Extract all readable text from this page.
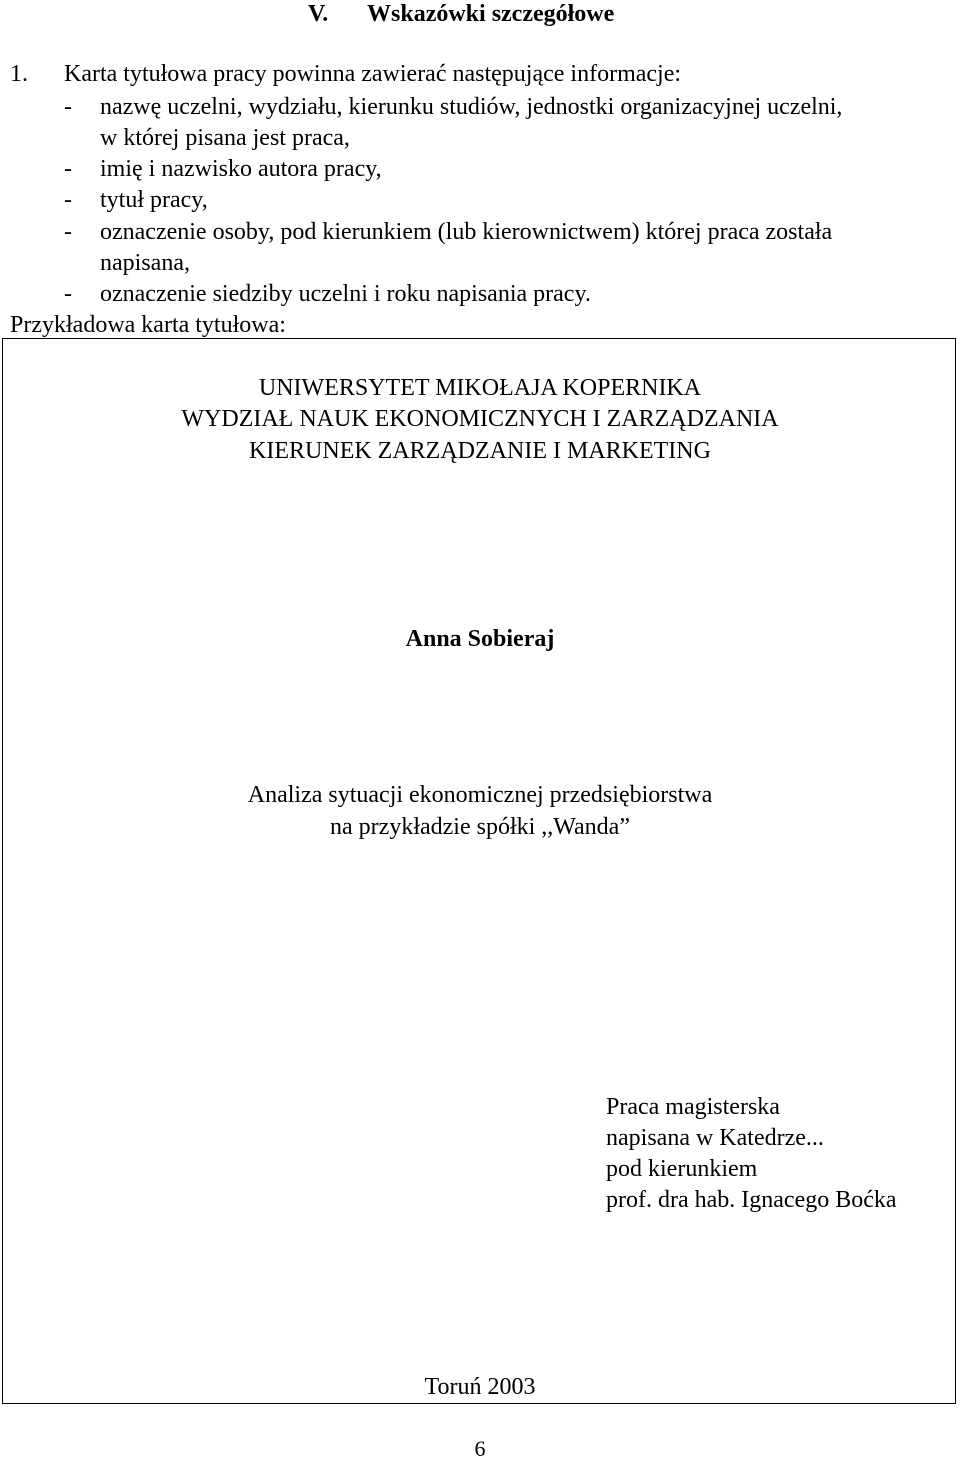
V. Wskazówki szczegółowe
1. Karta tytułowa pracy powinna zawierać następujące informacje:
- nazwę uczelni, wydziału, kierunku studiów, jednostki organizacyjnej uczelni,
w której pisana jest praca,
- imię i nazwisko autora pracy,
- tytuł pracy,
- oznaczenie osoby, pod kierunkiem (lub kierownictwem) której praca została
napisana,
- oznaczenie siedziby uczelni i roku napisania pracy.
Przykładowa karta tytułowa:
UNIWERSYTET MIKOŁAJA KOPERNIKA
WYDZIAŁ NAUK EKONOMICZNYCH I ZARZĄDZANIA
KIERUNEK ZARZĄDZANIE I MARKETING
Anna Sobieraj
Analiza sytuacji ekonomicznej przedsiębiorstwa
na przykładzie spółki ,,Wanda”
Praca magisterska
napisana w Katedrze...
pod kierunkiem
prof. dra hab. Ignacego Boćka
Toruń 2003
6
